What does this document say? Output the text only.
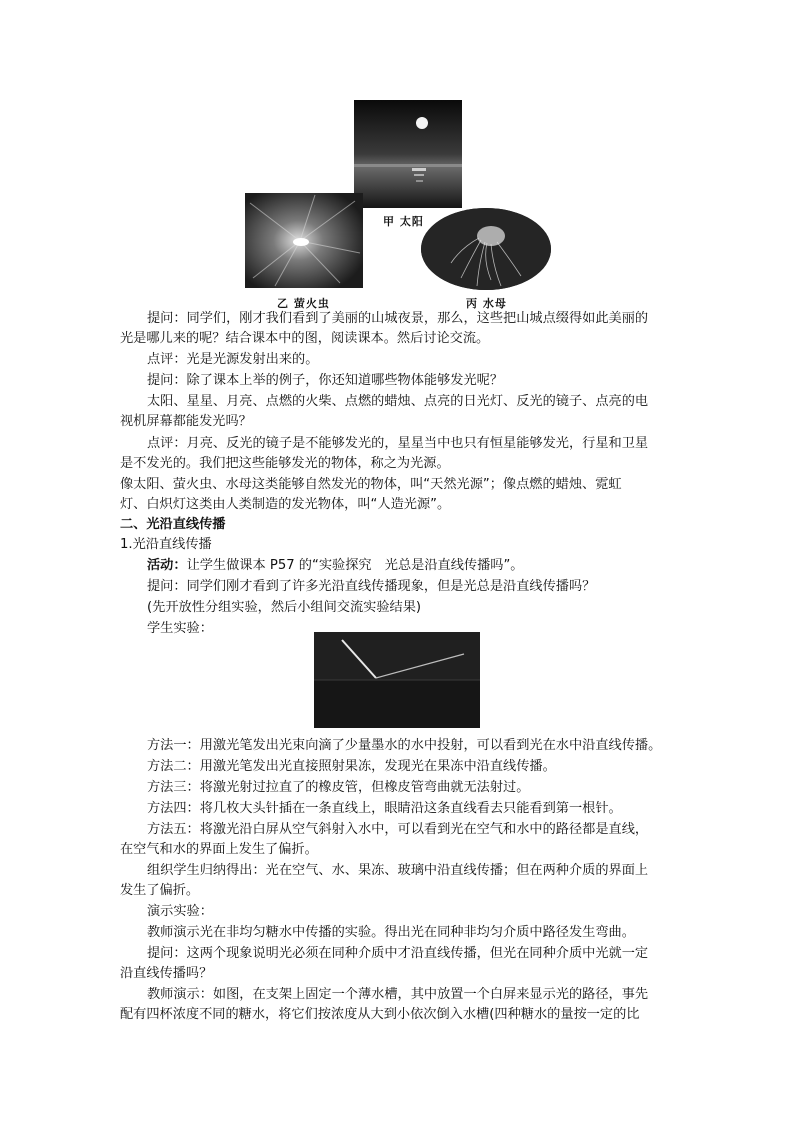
甲 太阳
乙 萤火虫	丙 水母
提问：同学们，刚才我们看到了美丽的山城夜景，那么，这些把山城点缀得如此美丽的
光是哪儿来的呢？结合课本中的图，阅读课本。然后讨论交流。
点评：光是光源发射出来的。
提问：除了课本上举的例子，你还知道哪些物体能够发光呢？
太阳、星星、月亮、点燃的火柴、点燃的蜡烛、点亮的日光灯、反光的镜子、点亮的电
视机屏幕都能发光吗？
点评：月亮、反光的镜子是不能够发光的，星星当中也只有恒星能够发光，行星和卫星
是不发光的。我们把这些能够发光的物体，称之为光源。
像太阳、萤火虫、水母这类能够自然发光的物体，叫“天然光源”；像点燃的蜡烛、霓虹
灯、白炽灯这类由人类制造的发光物体，叫“人造光源”。
二、光沿直线传播
1.光沿直线传播
活动：让学生做课本 P57 的“实验探究　光总是沿直线传播吗”。
提问：同学们刚才看到了许多光沿直线传播现象，但是光总是沿直线传播吗？
(先开放性分组实验，然后小组间交流实验结果)
学生实验：
方法一：用激光笔发出光束向滴了少量墨水的水中投射，可以看到光在水中沿直线传播。
方法二：用激光笔发出光直接照射果冻，发现光在果冻中沿直线传播。
方法三：将激光射过拉直了的橡皮管，但橡皮管弯曲就无法射过。
方法四：将几枚大头针插在一条直线上，眼睛沿这条直线看去只能看到第一根针。
方法五：将激光沿白屏从空气斜射入水中，可以看到光在空气和水中的路径都是直线，
在空气和水的界面上发生了偏折。
组织学生归纳得出：光在空气、水、果冻、玻璃中沿直线传播；但在两种介质的界面上
发生了偏折。
演示实验：
教师演示光在非均匀糖水中传播的实验。得出光在同种非均匀介质中路径发生弯曲。
提问：这两个现象说明光必须在同种介质中才沿直线传播，但光在同种介质中光就一定
沿直线传播吗？
教师演示：如图，在支架上固定一个薄水槽，其中放置一个白屏来显示光的路径，事先
配有四杯浓度不同的糖水，将它们按浓度从大到小依次倒入水槽(四种糖水的量按一定的比
